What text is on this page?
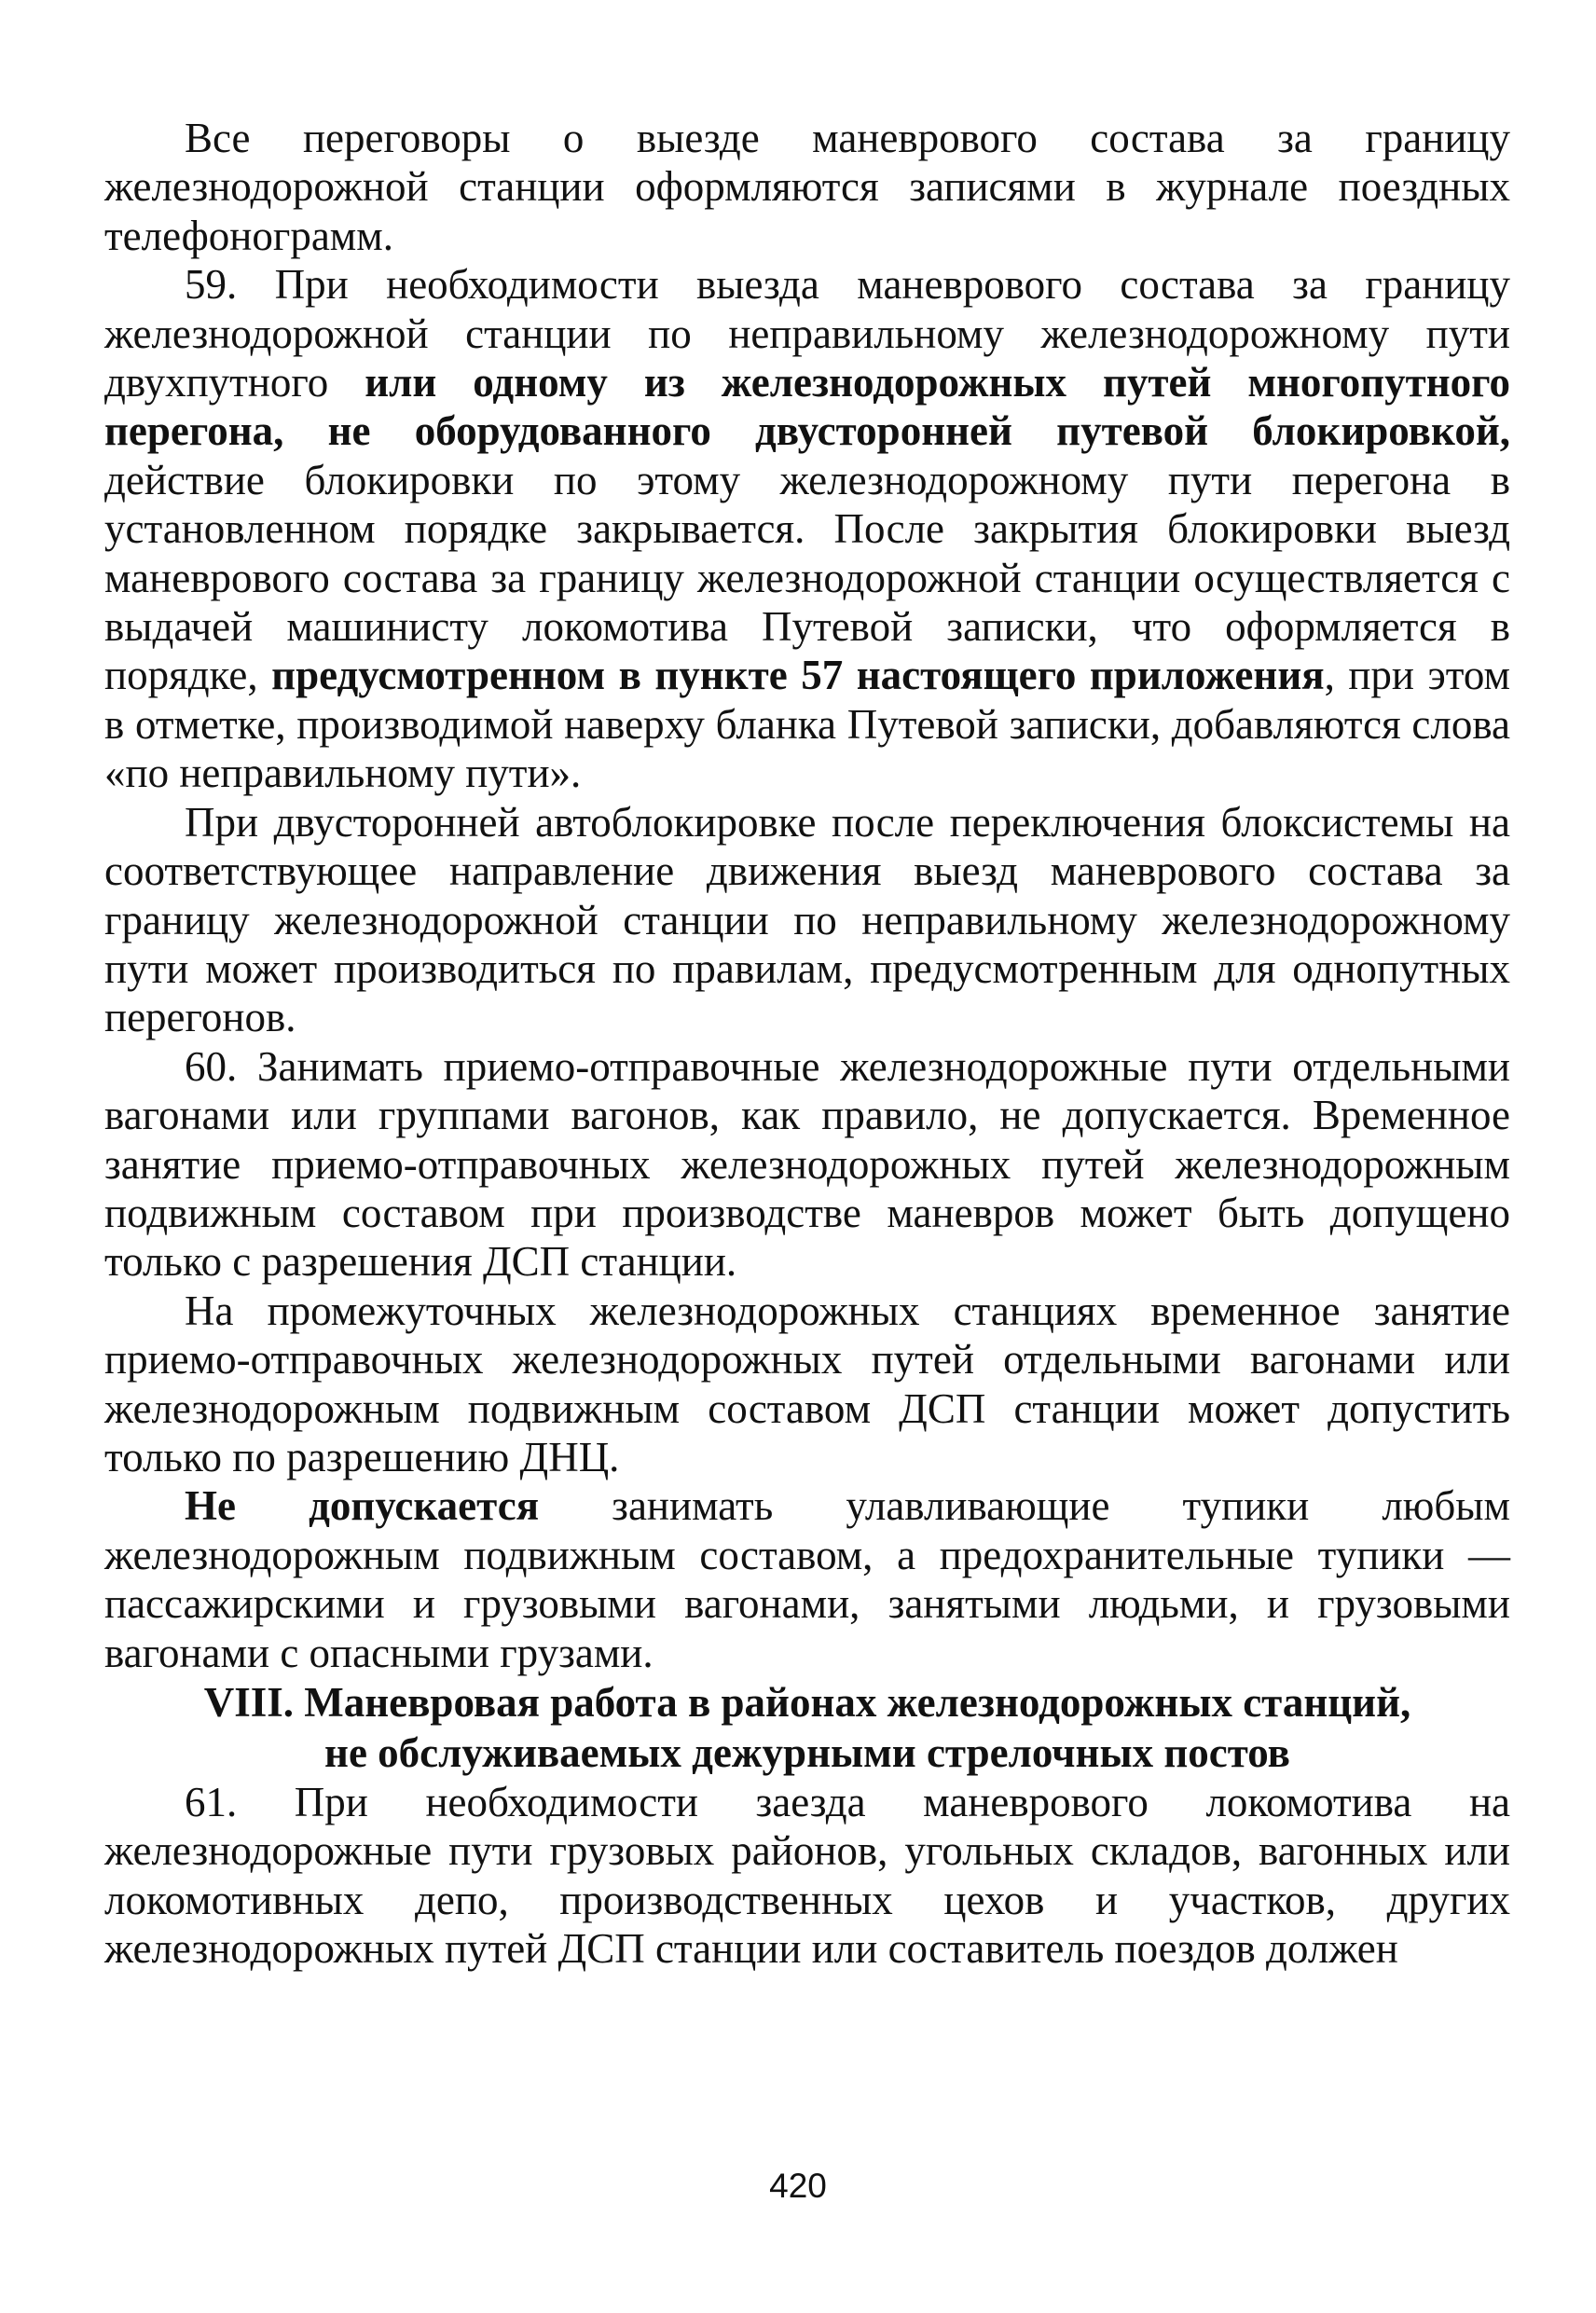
Все переговоры о выезде маневрового состава за границу железнодорожной станции оформляются записями в журнале поездных телефонограмм.

59. При необходимости выезда маневрового состава за границу железнодорожной станции по неправильному железнодорожному пути двухпутного или одному из железнодорожных путей многопутного перегона, не оборудованного двусторонней путевой блокировкой, действие блокировки по этому железнодорожному пути перегона в установленном порядке закрывается. После закрытия блокировки выезд маневрового состава за границу железнодорожной станции осуществляется с выдачей машинисту локомотива Путевой записки, что оформляется в порядке, предусмотренном в пункте 57 настоящего приложения, при этом в отметке, производимой наверху бланка Путевой записки, добавляются слова «по неправильному пути».

При двусторонней автоблокировке после переключения блоксистемы на соответствующее направление движения выезд маневрового состава за границу железнодорожной станции по неправильному железнодорожному пути может производиться по правилам, предусмотренным для однопутных перегонов.

60. Занимать приемо-отправочные железнодорожные пути отдельными вагонами или группами вагонов, как правило, не допускается. Временное занятие приемо-отправочных железнодорожных путей железнодорожным подвижным составом при производстве маневров может быть допущено только с разрешения ДСП станции.

На промежуточных железнодорожных станциях временное занятие приемо-отправочных железнодорожных путей отдельными вагонами или железнодорожным подвижным составом ДСП станции может допустить только по разрешению ДНЦ.

Не допускается занимать улавливающие тупики любым железнодорожным подвижным составом, а предохранительные тупики — пассажирскими и грузовыми вагонами, занятыми людьми, и грузовыми вагонами с опасными грузами.

VIII. Маневровая работа в районах железнодорожных станций,
не обслуживаемых дежурными стрелочных постов

61. При необходимости заезда маневрового локомотива на железнодорожные пути грузовых районов, угольных складов, вагонных или локомотивных депо, производственных цехов и участков, других железнодорожных путей ДСП станции или составитель поездов должен

420
